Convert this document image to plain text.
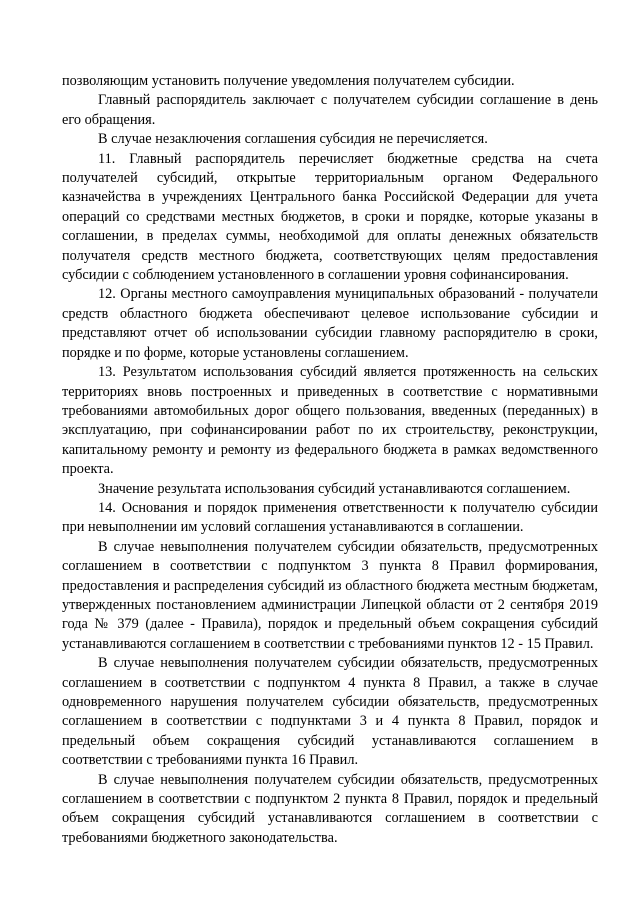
позволяющим установить получение уведомления получателем субсидии.

Главный распорядитель заключает с получателем субсидии соглашение в день его обращения.

В случае незаключения соглашения субсидия не перечисляется.

11. Главный распорядитель перечисляет бюджетные средства на счета получателей субсидий, открытые территориальным органом Федерального казначейства в учреждениях Центрального банка Российской Федерации для учета операций со средствами местных бюджетов, в сроки и порядке, которые указаны в соглашении, в пределах суммы, необходимой для оплаты денежных обязательств получателя средств местного бюджета, соответствующих целям предоставления субсидии с соблюдением установленного в соглашении уровня софинансирования.

12. Органы местного самоуправления муниципальных образований - получатели средств областного бюджета обеспечивают целевое использование субсидии и представляют отчет об использовании субсидии главному распорядителю в сроки, порядке и по форме, которые установлены соглашением.

13. Результатом использования субсидий является протяженность на сельских территориях вновь построенных и приведенных в соответствие с нормативными требованиями автомобильных дорог общего пользования, введенных (переданных) в эксплуатацию, при софинансировании работ по их строительству, реконструкции, капитальному ремонту и ремонту из федерального бюджета в рамках ведомственного проекта.

Значение результата использования субсидий устанавливаются соглашением.

14. Основания и порядок применения ответственности к получателю субсидии при невыполнении им условий соглашения устанавливаются в соглашении.

В случае невыполнения получателем субсидии обязательств, предусмотренных соглашением в соответствии с подпунктом 3 пункта 8 Правил формирования, предоставления и распределения субсидий из областного бюджета местным бюджетам, утвержденных постановлением администрации Липецкой области от 2 сентября 2019 года № 379 (далее - Правила), порядок и предельный объем сокращения субсидий устанавливаются соглашением в соответствии с требованиями пунктов 12 - 15 Правил.

В случае невыполнения получателем субсидии обязательств, предусмотренных соглашением в соответствии с подпунктом 4 пункта 8 Правил, а также в случае одновременного нарушения получателем субсидии обязательств, предусмотренных соглашением в соответствии с подпунктами 3 и 4 пункта 8 Правил, порядок и предельный объем сокращения субсидий устанавливаются соглашением в соответствии с требованиями пункта 16 Правил.

В случае невыполнения получателем субсидии обязательств, предусмотренных соглашением в соответствии с подпунктом 2 пункта 8 Правил, порядок и предельный объем сокращения субсидий устанавливаются соглашением в соответствии с требованиями бюджетного законодательства.
